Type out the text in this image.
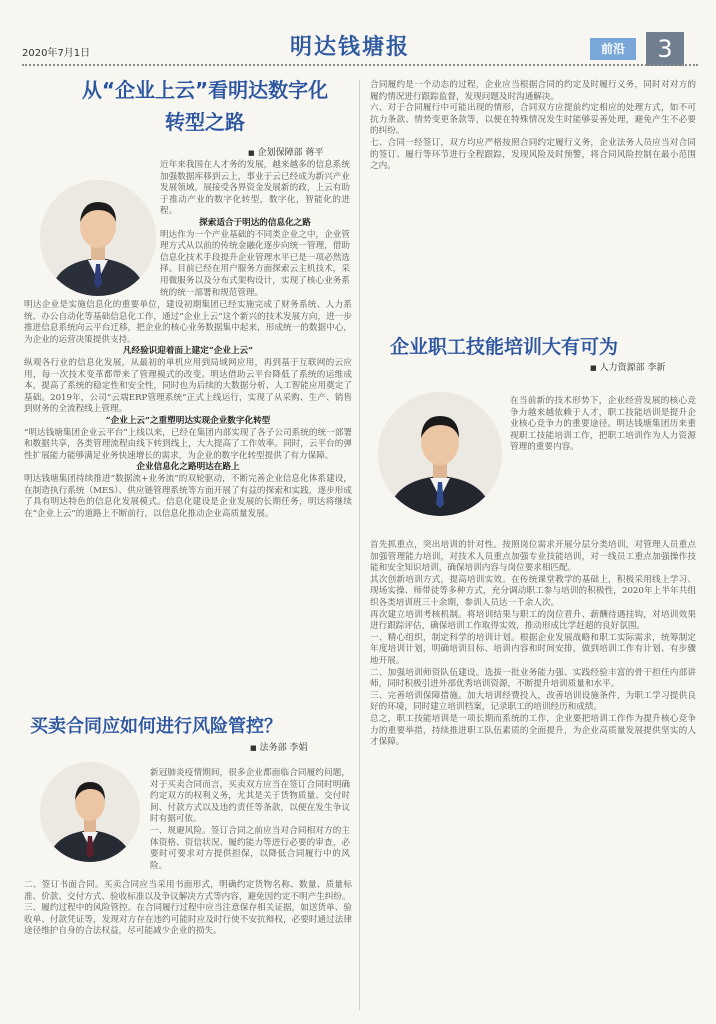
2020年7月1日	明达钱塘报	前沿	3
从“企业上云”看明达数字化
转型之路
■ 企划保障部 蒋平

近年来我国在人才务的发展，越来越多的信息系统加强数据库移到云上，事业于云已经成为新兴产业发展领域，展接受各界资金发展新的政，上云有助于推动产业的数字化转型，数字化，智能化的进程。

探索适合于明达的信息化之路

明达作为一个产业基础的不同类企业之中，企业管理方式从以前的传统金融化逐步向统一管理，借助信息化技术手段提升企业管理水平已是一项必然选择。目前已经在用户服务方面探索云主机技术，采用微服务以及分布式架构设计，实现了核心业务系统的统一部署和规范管理。

明达企业是实施信息化的重要单位，建设初期集团已经实施完成了财务系统、人力系统、办公自动化等基础信息化工作，通过“企业上云”这个新兴的技术发展方向，进一步推进信息系统向云平台迁移，把企业的核心业务数据集中起来，形成统一的数据中心，为企业的运营决策提供支持。

凡经验识迎着面上建定“企业上云”

纵观各行业的信息化发展，从最初的单机应用到局域网应用，再到基于互联网的云应用，每一次技术变革都带来了管理模式的改变。明达借助云平台降低了系统的运维成本，提高了系统的稳定性和安全性，同时也为后续的大数据分析、人工智能应用奠定了基础。2019年，公司“云端ERP管理系统”正式上线运行，实现了从采购、生产、销售到财务的全流程线上管理。

“企业上云”之重塑明达实现企业数字化转型

“明达钱塘集团企业云平台”上线以来，已经在集团内部实现了各子公司系统的统一部署和数据共享，各类管理流程由线下转到线上，大大提高了工作效率。同时，云平台的弹性扩展能力能够满足业务快速增长的需求，为企业的数字化转型提供了有力保障。

企业信息化之路明达在路上

明达钱塘集团持续推进“数据流+业务流”的双轮驱动，不断完善企业信息化体系建设，在制造执行系统（MES）、供应链管理系统等方面开展了有益的探索和实践，逐步形成了具有明达特色的信息化发展模式。信息化建设是企业发展的长期任务，明达将继续在“企业上云”的道路上不断前行，以信息化推动企业高质量发展。

买卖合同应如何进行风险管控？
■ 法务部 李娟

新冠肺炎疫情期间，很多企业都面临合同履约问题，对于买卖合同而言，买卖双方应当在签订合同时明确约定双方的权利义务，尤其是关于货物质量、交付时间、付款方式以及违约责任等条款，以便在发生争议时有据可依。

一、规避风险。签订合同之前应当对合同相对方的主体资格、资信状况、履约能力等进行必要的审查，必要时可要求对方提供担保，以降低合同履行中的风险。

二、签订书面合同。买卖合同应当采用书面形式，明确约定货物名称、数量、质量标准、价款、交付方式、验收标准以及争议解决方式等内容，避免因约定不明产生纠纷。

三、履约过程中的风险管控。在合同履行过程中应当注意保存相关证据，如送货单、验收单、付款凭证等，发现对方存在违约可能时应及时行使不安抗辩权，必要时通过法律途径维护自身的合法权益，尽可能减少企业的损失。

合同履约是一个动态的过程，企业应当根据合同的约定及时履行义务，同时对对方的履约情况进行跟踪监督，发现问题及时沟通解决。

六、对于合同履行中可能出现的情形，合同双方应提前约定相应的处理方式，如不可抗力条款、情势变更条款等，以便在特殊情况发生时能够妥善处理，避免产生不必要的纠纷。

七、合同一经签订，双方均应严格按照合同约定履行义务，企业法务人员应当对合同的签订、履行等环节进行全程跟踪，发现风险及时预警，将合同风险控制在最小范围之内。

企业职工技能培训大有可为
■ 人力资源部 李新

在当前新的技术形势下，企业经营发展的核心竞争力越来越依赖于人才，职工技能培训是提升企业核心竞争力的重要途径。明达钱塘集团历来重视职工技能培训工作，把职工培训作为人力资源管理的重要内容。

首先抓重点，突出培训的针对性。按照岗位需求开展分层分类培训，对管理人员重点加强管理能力培训，对技术人员重点加强专业技能培训，对一线员工重点加强操作技能和安全知识培训，确保培训内容与岗位要求相匹配。

其次创新培训方式，提高培训实效。在传统课堂教学的基础上，积极采用线上学习、现场实操、师带徒等多种方式，充分调动职工参与培训的积极性，2020年上半年共组织各类培训班三十余期，参训人员达一千余人次。

再次建立培训考核机制。将培训结果与职工的岗位晋升、薪酬待遇挂钩，对培训效果进行跟踪评估，确保培训工作取得实效，推动形成比学赶超的良好氛围。

一、精心组织，制定科学的培训计划。根据企业发展战略和职工实际需求，统筹制定年度培训计划，明确培训目标、培训内容和时间安排，做到培训工作有计划、有步骤地开展。

二、加强培训师资队伍建设。选拔一批业务能力强、实践经验丰富的骨干担任内部讲师，同时积极引进外部优秀培训资源，不断提升培训质量和水平。

三、完善培训保障措施。加大培训经费投入，改善培训设施条件，为职工学习提供良好的环境，同时建立培训档案，记录职工的培训经历和成绩。

总之，职工技能培训是一项长期而系统的工作，企业要把培训工作作为提升核心竞争力的重要举措，持续推进职工队伍素质的全面提升，为企业高质量发展提供坚实的人才保障。
